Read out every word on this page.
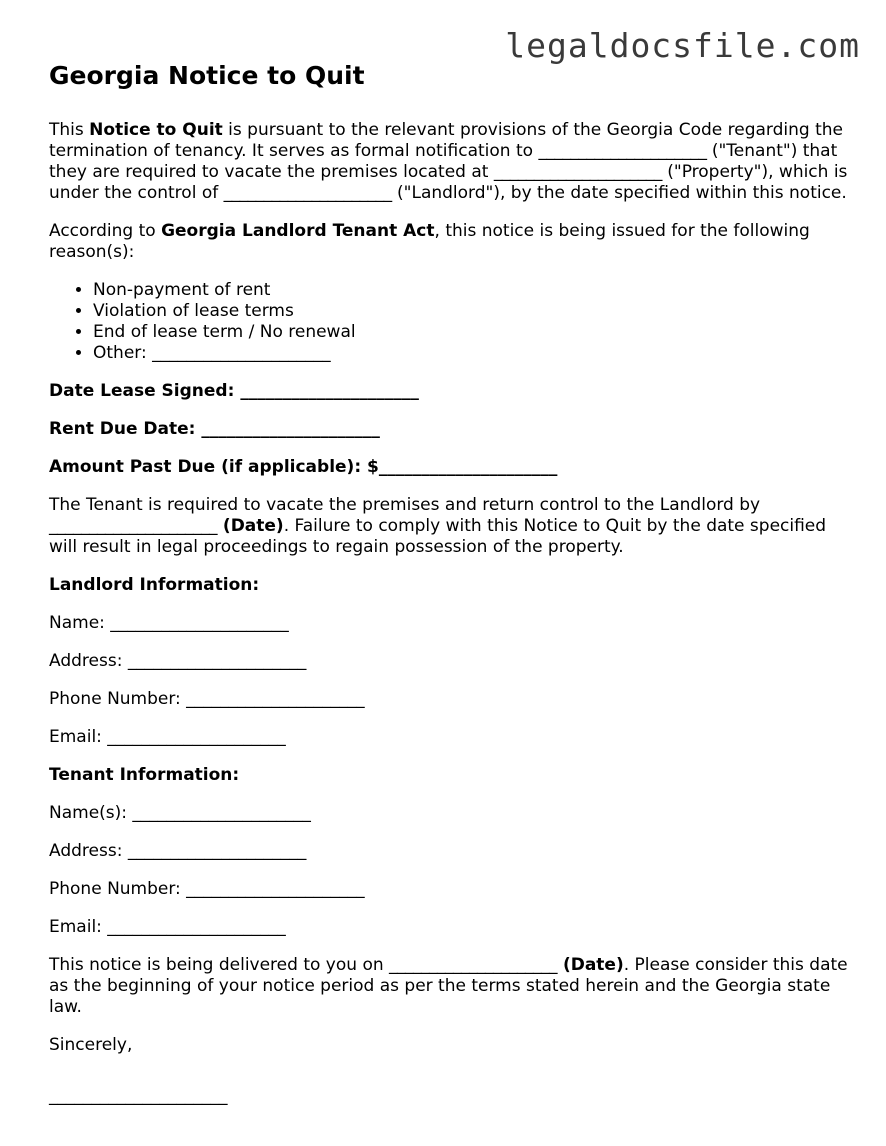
legaldocsfile.com
Georgia Notice to Quit

This Notice to Quit is pursuant to the relevant provisions of the Georgia Code regarding the termination of tenancy. It serves as formal notification to _____________________ ("Tenant") that they are required to vacate the premises located at _____________________ ("Property"), which is under the control of _____________________ ("Landlord"), by the date specified within this notice.

According to Georgia Landlord Tenant Act, this notice is being issued for the following reason(s):

• Non-payment of rent
• Violation of lease terms
• End of lease term / No renewal
• Other: _____________________

Date Lease Signed: _____________________

Rent Due Date: _____________________

Amount Past Due (if applicable): $_____________________

The Tenant is required to vacate the premises and return control to the Landlord by _____________________ (Date). Failure to comply with this Notice to Quit by the date specified will result in legal proceedings to regain possession of the property.

Landlord Information:

Name: _____________________

Address: _____________________

Phone Number: _____________________

Email: _____________________

Tenant Information:

Name(s): _____________________

Address: _____________________

Phone Number: _____________________

Email: _____________________

This notice is being delivered to you on _____________________ (Date). Please consider this date as the beginning of your notice period as per the terms stated herein and the Georgia state law.

Sincerely,

_____________________
